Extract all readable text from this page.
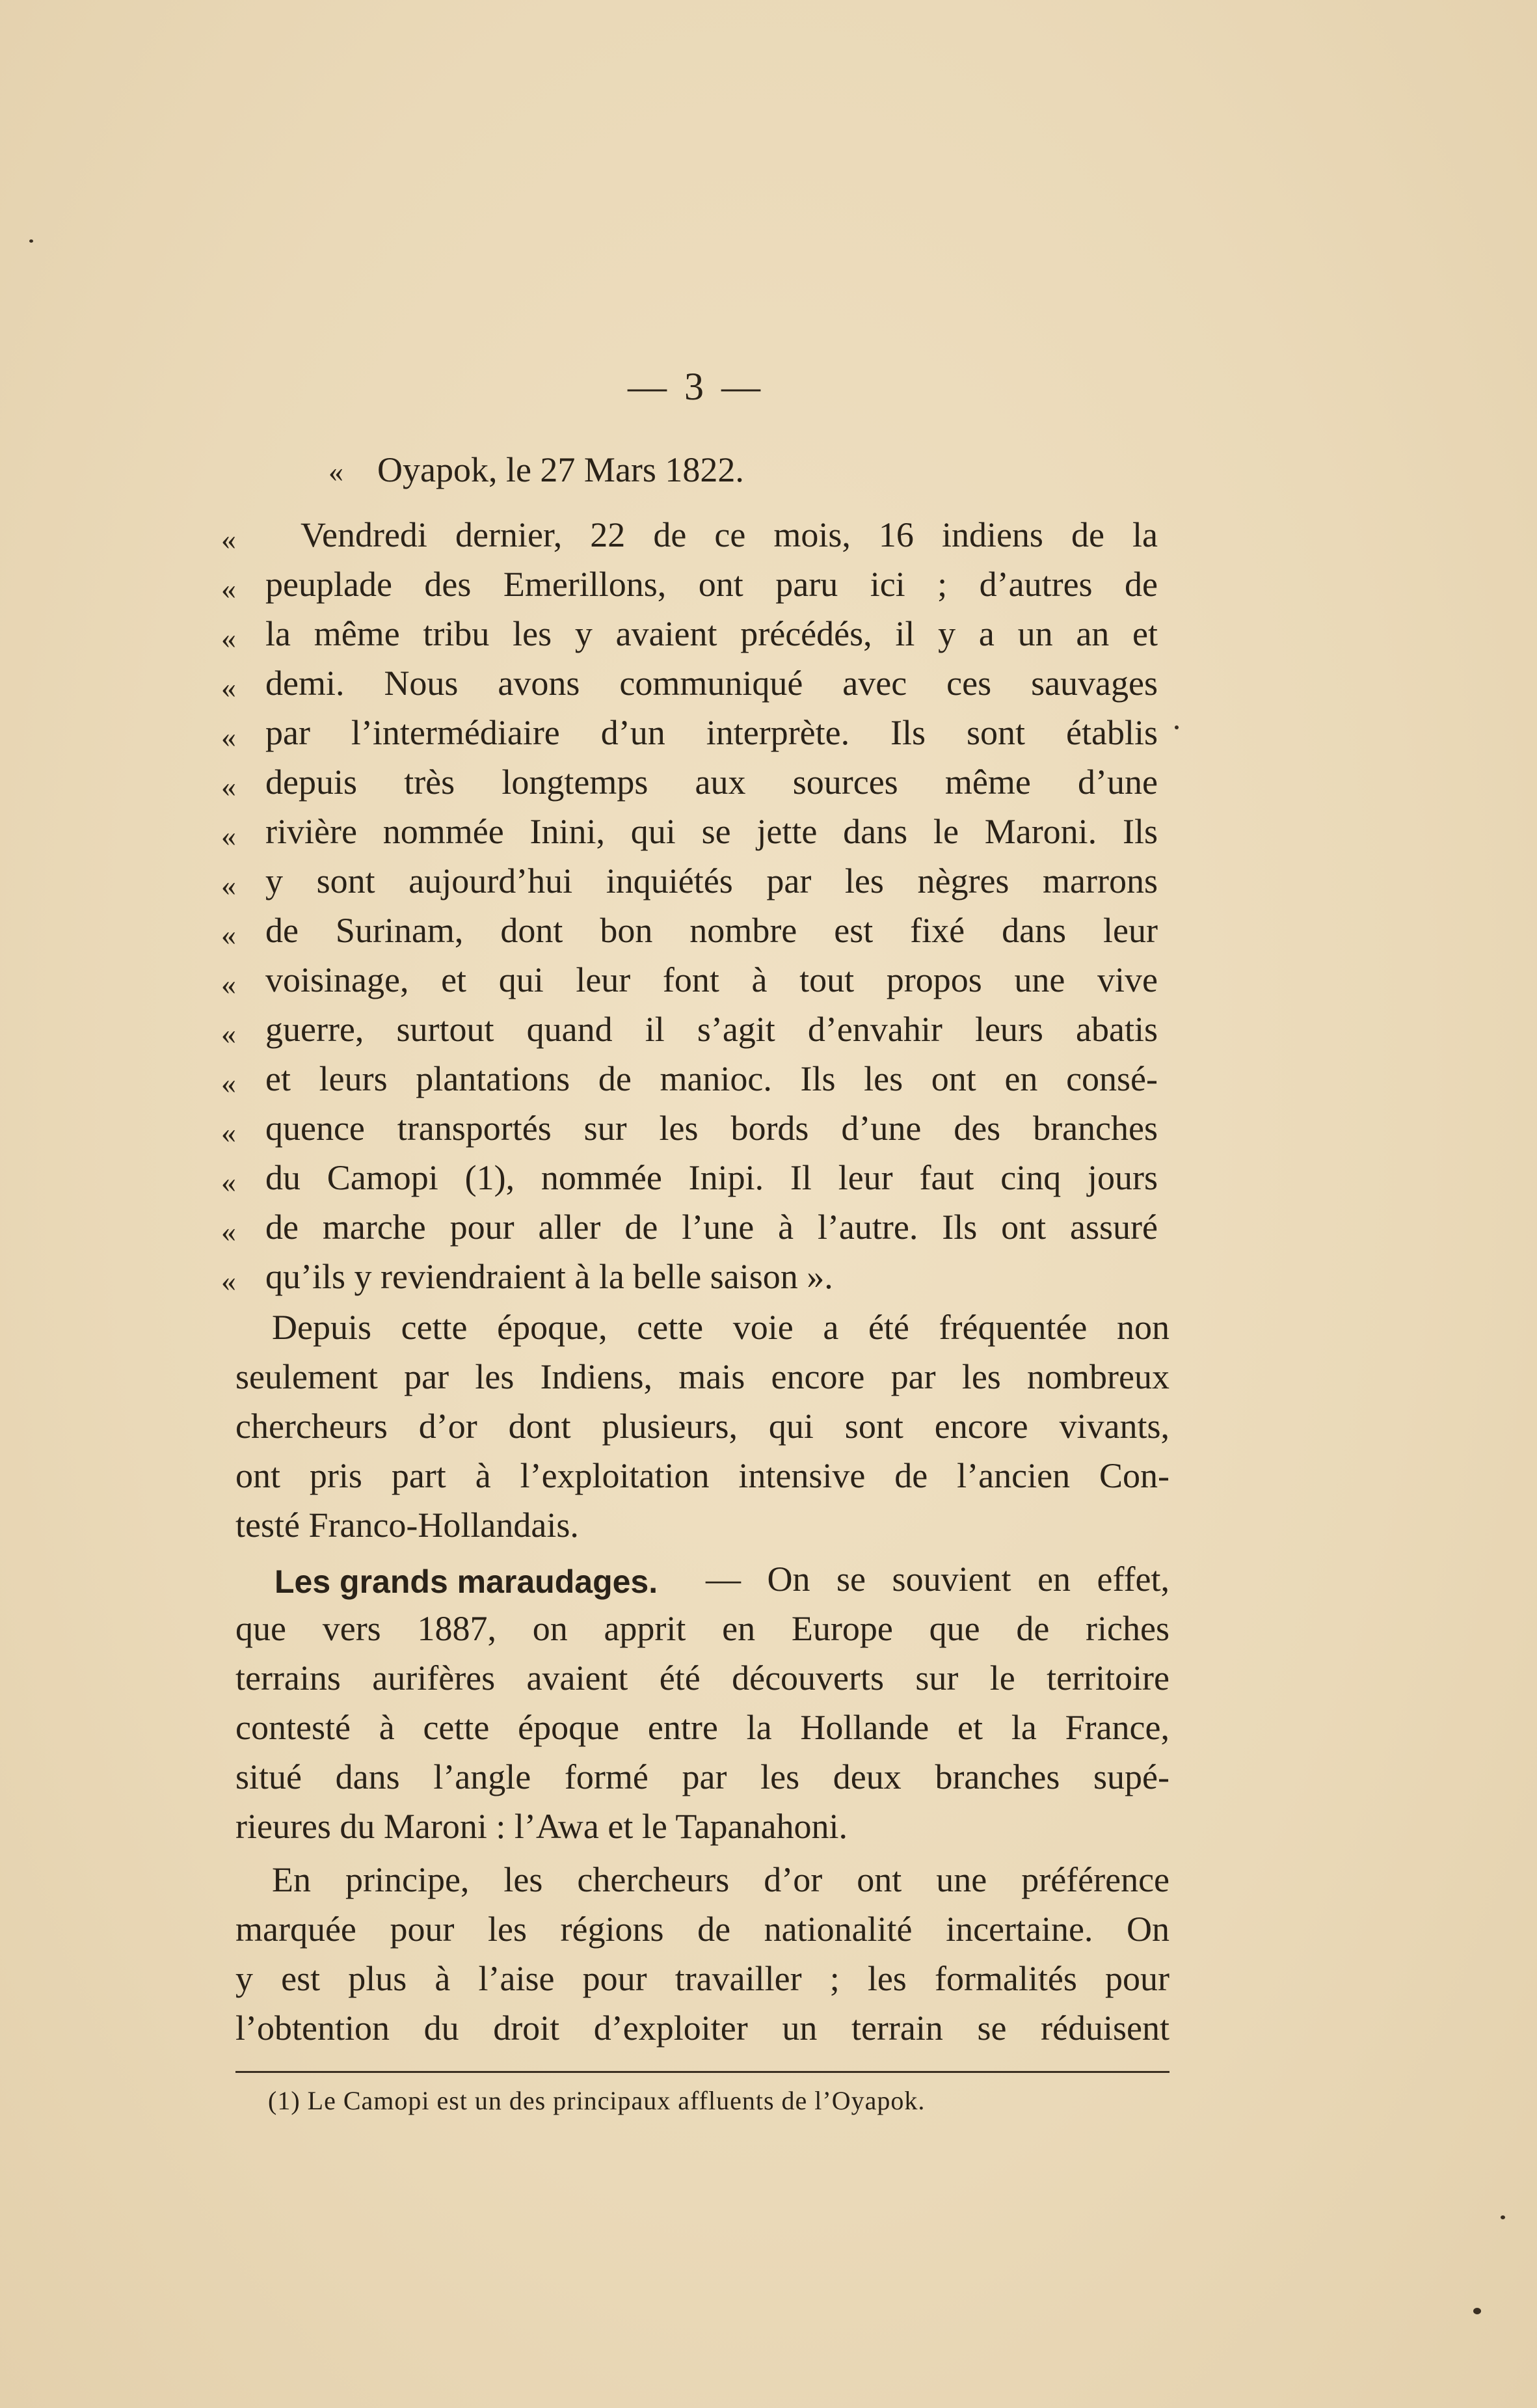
— 3 —
« Oyapok, le 27 Mars 1822.
« Vendredi dernier, 22 de ce mois, 16 indiens de la
« peuplade des Emerillons, ont paru ici ; d’autres de
« la même tribu les y avaient précédés, il y a un an et
« demi. Nous avons communiqué avec ces sauvages
« par l’intermédiaire d’un interprète. Ils sont établis
« depuis très longtemps aux sources même d’une
« rivière nommée Inini, qui se jette dans le Maroni. Ils
« y sont aujourd’hui inquiétés par les nègres marrons
« de Surinam, dont bon nombre est fixé dans leur
« voisinage, et qui leur font à tout propos une vive
« guerre, surtout quand il s’agit d’envahir leurs abatis
« et leurs plantations de manioc. Ils les ont en consé-
« quence transportés sur les bords d’une des branches
« du Camopi (1), nommée Inipi. Il leur faut cinq jours
« de marche pour aller de l’une à l’autre. Ils ont assuré
« qu’ils y reviendraient à la belle saison ».
Depuis cette époque, cette voie a été fréquentée non
seulement par les Indiens, mais encore par les nombreux
chercheurs d’or dont plusieurs, qui sont encore vivants,
ont pris part à l’exploitation intensive de l’ancien Con-
testé Franco-Hollandais.
Les grands maraudages. — On se souvient en effet,
que vers 1887, on apprit en Europe que de riches
terrains aurifères avaient été découverts sur le territoire
contesté à cette époque entre la Hollande et la France,
situé dans l’angle formé par les deux branches supé-
rieures du Maroni : l’Awa et le Tapanahoni.
En principe, les chercheurs d’or ont une préférence
marquée pour les régions de nationalité incertaine. On
y est plus à l’aise pour travailler ; les formalités pour
l’obtention du droit d’exploiter un terrain se réduisent
(1) Le Camopi est un des principaux affluents de l’Oyapok.
